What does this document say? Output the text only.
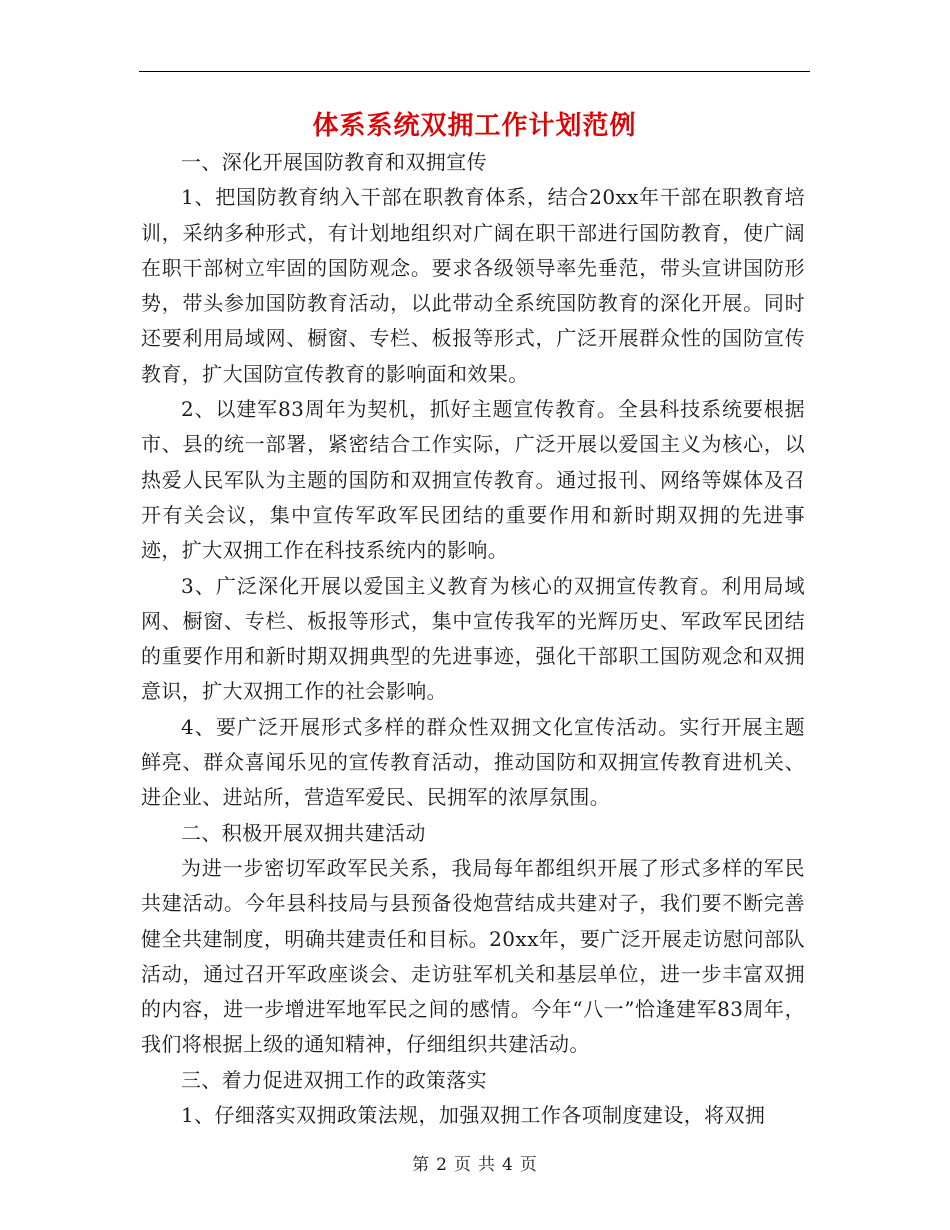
体系系统双拥工作计划范例

一、深化开展国防教育和双拥宣传

1、把国防教育纳入干部在职教育体系，结合20xx年干部在职教育培训，采纳多种形式，有计划地组织对广阔在职干部进行国防教育，使广阔在职干部树立牢固的国防观念。要求各级领导率先垂范，带头宣讲国防形势，带头参加国防教育活动，以此带动全系统国防教育的深化开展。同时还要利用局域网、橱窗、专栏、板报等形式，广泛开展群众性的国防宣传教育，扩大国防宣传教育的影响面和效果。

2、以建军83周年为契机，抓好主题宣传教育。全县科技系统要根据市、县的统一部署，紧密结合工作实际，广泛开展以爱国主义为核心，以热爱人民军队为主题的国防和双拥宣传教育。通过报刊、网络等媒体及召开有关会议，集中宣传军政军民团结的重要作用和新时期双拥的先进事迹，扩大双拥工作在科技系统内的影响。

3、广泛深化开展以爱国主义教育为核心的双拥宣传教育。利用局域网、橱窗、专栏、板报等形式，集中宣传我军的光辉历史、军政军民团结的重要作用和新时期双拥典型的先进事迹，强化干部职工国防观念和双拥意识，扩大双拥工作的社会影响。

4、要广泛开展形式多样的群众性双拥文化宣传活动。实行开展主题鲜亮、群众喜闻乐见的宣传教育活动，推动国防和双拥宣传教育进机关、进企业、进站所，营造军爱民、民拥军的浓厚氛围。

二、积极开展双拥共建活动

为进一步密切军政军民关系，我局每年都组织开展了形式多样的军民共建活动。今年县科技局与县预备役炮营结成共建对子，我们要不断完善健全共建制度，明确共建责任和目标。20xx年，要广泛开展走访慰问部队活动，通过召开军政座谈会、走访驻军机关和基层单位，进一步丰富双拥的内容，进一步增进军地军民之间的感情。今年“八一”恰逢建军83周年，我们将根据上级的通知精神，仔细组织共建活动。

三、着力促进双拥工作的政策落实

1、仔细落实双拥政策法规，加强双拥工作各项制度建设，将双拥

第 2 页 共 4 页
